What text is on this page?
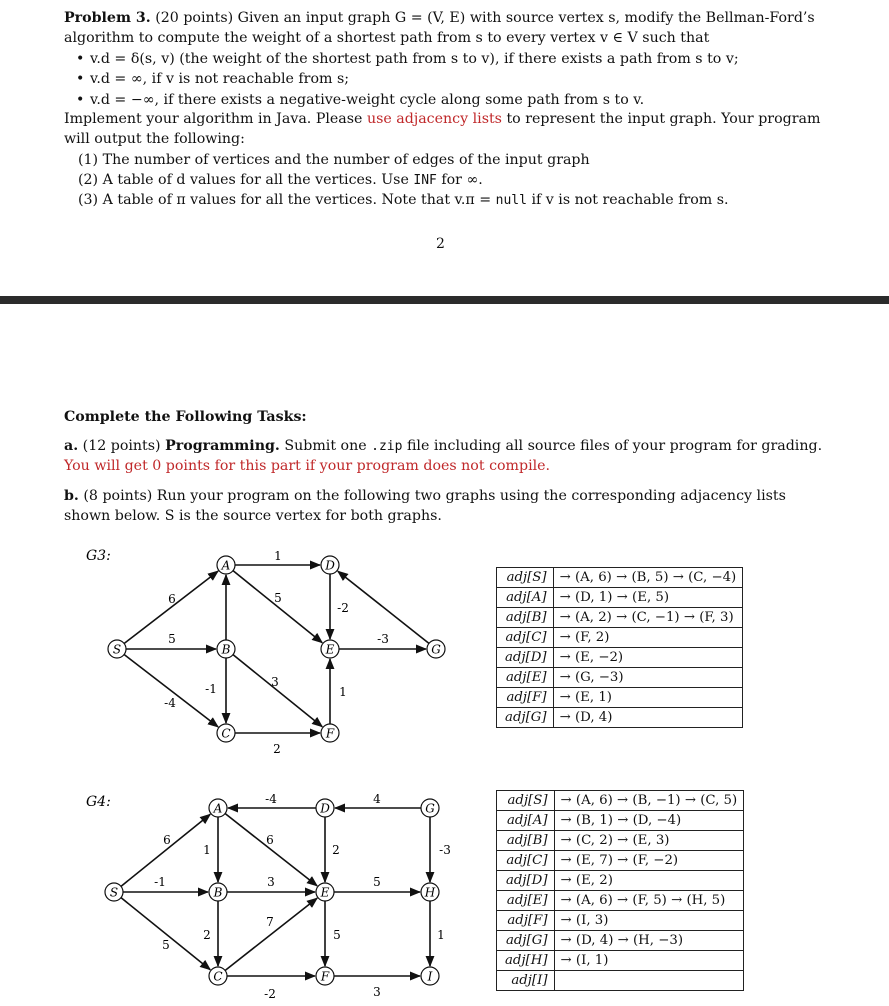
Problem 3. (20 points) Given an input graph G = (V, E) with source vertex s, modify the Bellman-Ford’s
algorithm to compute the weight of a shortest path from s to every vertex v ∈ V such that
• v.d = δ(s, v) (the weight of the shortest path from s to v), if there exists a path from s to v;
• v.d = ∞, if v is not reachable from s;
• v.d = −∞, if there exists a negative-weight cycle along some path from s to v.
Implement your algorithm in Java. Please use adjacency lists to represent the input graph. Your program
will output the following:
(1) The number of vertices and the number of edges of the input graph
(2) A table of d values for all the vertices. Use INF for ∞.
(3) A table of π values for all the vertices. Note that v.π = null if v is not reachable from s.
2
Complete the Following Tasks:
a. (12 points) Programming. Submit one .zip file including all source files of your program for grading.
You will get 0 points for this part if your program does not compile.
b. (8 points) Run your program on the following two graphs using the corresponding adjacency lists
shown below. S is the source vertex for both graphs.
G3:
S
A
B
C
D
E
F
G
6
5
-4
1
5
-1	3
2
-2
-3
1
G4:
S
A
B
C
D
E
F
G
H
I
6
-1
5
1
-4
6
2
3
7
-2
2
4
-3
5
5
3
1
adj[S]	→ (A, 6) → (B, 5) → (C, −4)
adj[A]	→ (D, 1) → (E, 5)
adj[B]	→ (A, 2) → (C, −1) → (F, 3)
adj[C]	→ (F, 2)
adj[D]	→ (E, −2)
adj[E]	→ (G, −3)
adj[F]	→ (E, 1)
adj[G]	→ (D, 4)
adj[S]	→ (A, 6) → (B, −1) → (C, 5)
adj[A]	→ (B, 1) → (D, −4)
adj[B]	→ (C, 2) → (E, 3)
adj[C]	→ (E, 7) → (F, −2)
adj[D]	→ (E, 2)
adj[E]	→ (A, 6) → (F, 5) → (H, 5)
adj[F]	→ (I, 3)
adj[G]	→ (D, 4) → (H, −3)
adj[H]	→ (I, 1)
adj[I]	
